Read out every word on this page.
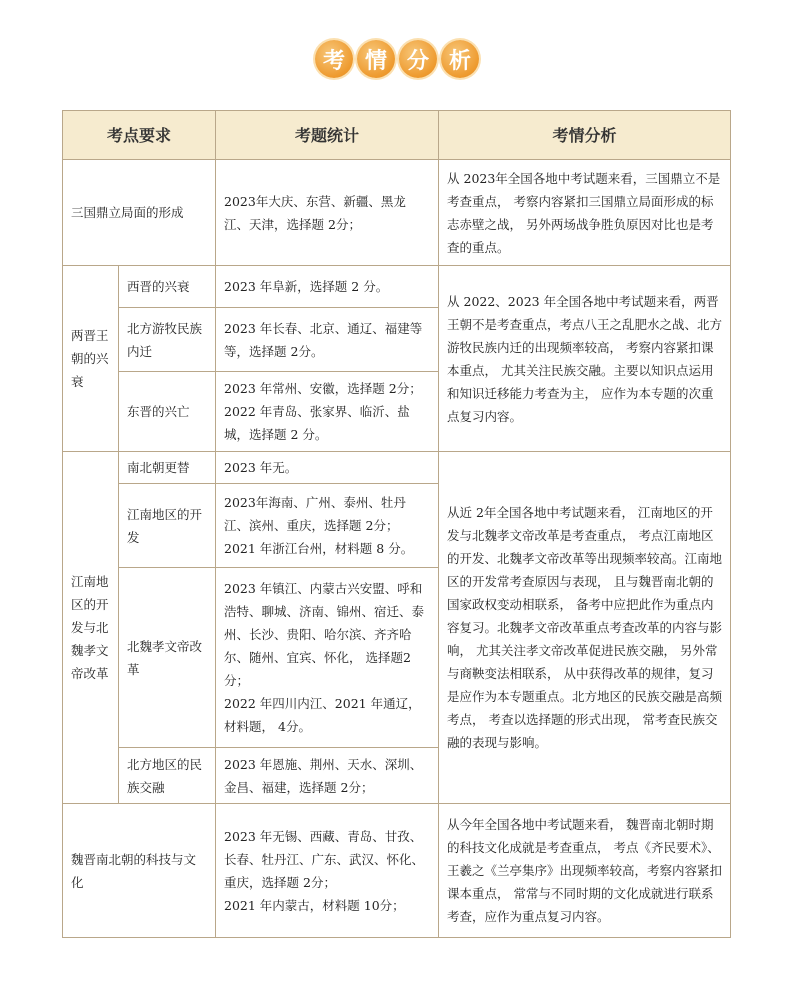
考 情 分 析
考点要求		考题统计	考情分析
三国鼎立局面的形成		2023年大庆、东营、新疆、黑龙江、天津，选择题 2分；	从 2023年全国各地中考试题来看，三国鼎立不是考查重点， 考察内容紧扣三国鼎立局面形成的标志赤壁之战， 另外两场战争胜负原因对比也是考查的重点。
两晋王朝的兴衰	西晋的兴衰	2023 年阜新，选择题 2 分。	从 2022、2023 年全国各地中考试题来看，两晋王朝不是考查重点，考点八王之乱肥水之战、北方游牧民族内迁的出现频率较高， 考察内容紧扣课本重点， 尤其关注民族交融。主要以知识点运用和知识迁移能力考查为主， 应作为本专题的次重点复习内容。
	北方游牧民族内迁	2023 年长春、北京、通辽、福建等等，选择题 2分。	
	东晋的兴亡	2023 年常州、安徽，选择题 2分；
2022 年青岛、张家界、临沂、盐城，选择题 2 分。	

江南地区的开发与北魏孝文帝改革	南北朝更替	2023 年无。	从近 2年全国各地中考试题来看， 江南地区的开发与北魏孝文帝改革是考查重点， 考点江南地区的开发、北魏孝文帝改革等出现频率较高。江南地区的开发常考查原因与表现， 且与魏晋南北朝的国家政权变动相联系， 备考中应把此作为重点内容复习。北魏孝文帝改革重点考查改革的内容与影响， 尤其关注孝文帝改革促进民族交融， 另外常与商鞅变法相联系， 从中获得改革的规律，复习是应作为本专题重点。北方地区的民族交融是高频考点， 考查以选择题的形式出现， 常考查民族交融的表现与影响。
	江南地区的开发	2023年海南、广州、泰州、牡丹江、滨州、重庆，选择题 2分；
2021 年浙江台州，材料题 8 分。	

	北魏孝文帝改革	2023 年镇江、内蒙古兴安盟、呼和浩特、聊城、济南、锦州、宿迁、泰州、长沙、贵阳、哈尔滨、齐齐哈尔、随州、宜宾、怀化， 选择题2分；
2022 年四川内江、2021 年通辽，材料题， 4分。	

	北方地区的民族交融	2023 年恩施、荆州、天水、深圳、金昌、福建，选择题 2分；	
魏晋南北朝的科技与文化		2023 年无锡、西藏、青岛、甘孜、长春、牡丹江、广东、武汉、怀化、重庆，选择题 2分；
2021 年内蒙古，材料题 10分；	从今年全国各地中考试题来看， 魏晋南北朝时期的科技文化成就是考查重点， 考点《齐民要术》、王羲之《兰亭集序》出现频率较高，考察内容紧扣课本重点， 常常与不同时期的文化成就进行联系考查，应作为重点复习内容。
